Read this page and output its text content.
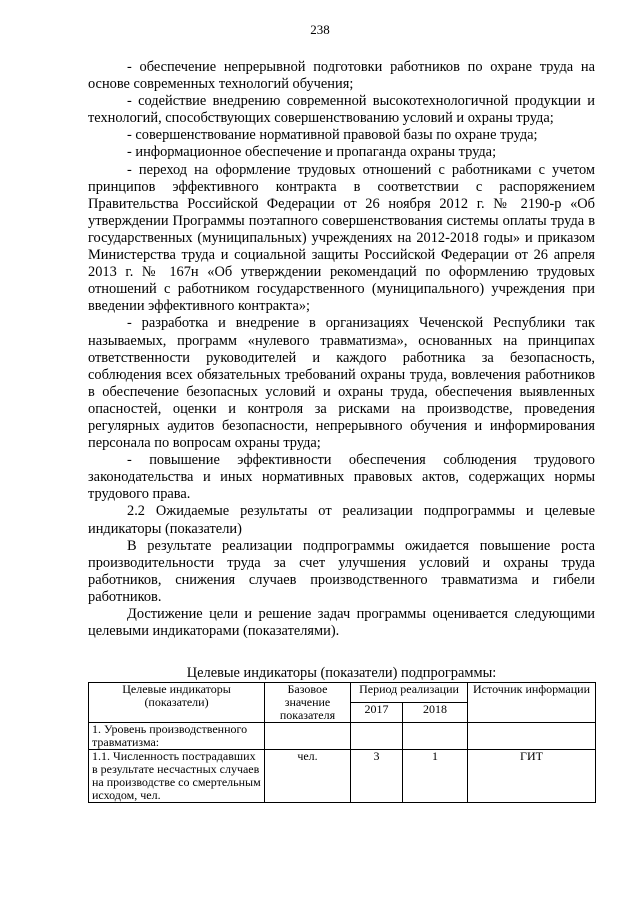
238

- обеспечение непрерывной подготовки работников по охране труда на основе современных технологий обучения;

- содействие внедрению современной высокотехнологичной продукции и технологий, способствующих совершенствованию условий и охраны труда;

- совершенствование нормативной правовой базы по охране труда;

- информационное обеспечение и пропаганда охраны труда;

- переход на оформление трудовых отношений с работниками с учетом принципов эффективного контракта в соответствии с распоряжением Правительства Российской Федерации от 26 ноября 2012 г. № 2190-р «Об утверждении Программы поэтапного совершенствования системы оплаты труда в государственных (муниципальных) учреждениях на 2012-2018 годы» и приказом Министерства труда и социальной защиты Российской Федерации от 26 апреля 2013 г. № 167н «Об утверждении рекомендаций по оформлению трудовых отношений с работником государственного (муниципального) учреждения при введении эффективного контракта»;

- разработка и внедрение в организациях Чеченской Республики так называемых, программ «нулевого травматизма», основанных на принципах ответственности руководителей и каждого работника за безопасность, соблюдения всех обязательных требований охраны труда, вовлечения работников в обеспечение безопасных условий и охраны труда, обеспечения выявленных опасностей, оценки и контроля за рисками на производстве, проведения регулярных аудитов безопасности, непрерывного обучения и информирования персонала по вопросам охраны труда;

- повышение эффективности обеспечения соблюдения трудового законодательства и иных нормативных правовых актов, содержащих нормы трудового права.

2.2 Ожидаемые результаты от реализации подпрограммы и целевые индикаторы (показатели)

В результате реализации подпрограммы ожидается повышение роста производительности труда за счет улучшения условий и охраны труда работников, снижения случаев производственного травматизма и гибели работников.

Достижение цели и решение задач программы оценивается следующими целевыми индикаторами (показателями).

Целевые индикаторы (показатели) подпрограммы:
Целевые индикаторы (показатели)	Базовое значение показателя	Период реализации		Источник информации
		2017	2018	
1. Уровень производственного травматизма:				
1.1. Численность пострадавших в результате несчастных случаев на производстве со смертельным исходом, чел.	чел.	3	1	ГИТ
